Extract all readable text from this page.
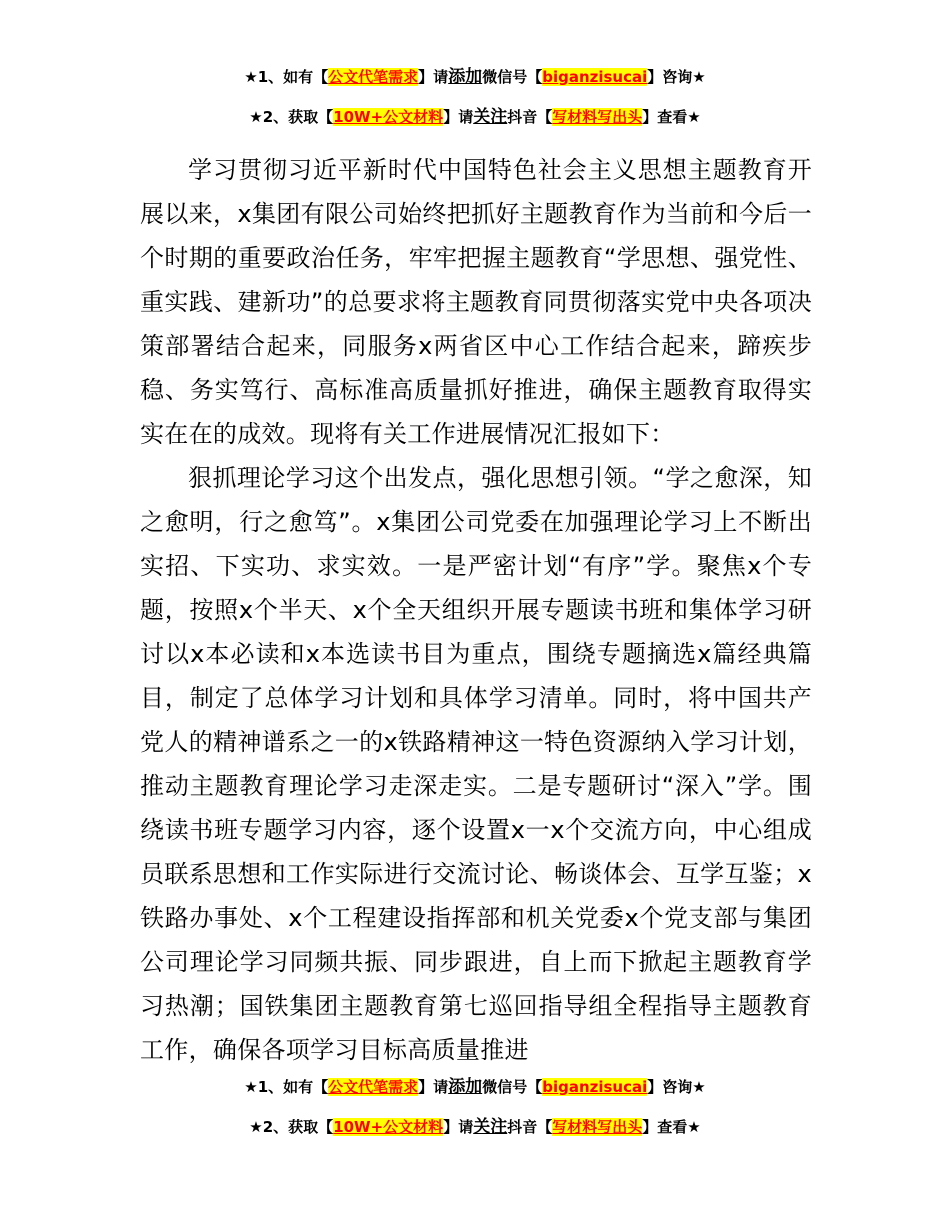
★1、如有【公文代笔需求】请添加微信号【biganzisucai】咨询★
★2、获取【10W+公文材料】请关注抖音【写材料写出头】查看★

学习贯彻习近平新时代中国特色社会主义思想主题教育开展以来，x集团有限公司始终把抓好主题教育作为当前和今后一个时期的重要政治任务，牢牢把握主题教育“学思想、强党性、重实践、建新功”的总要求将主题教育同贯彻落实党中央各项决策部署结合起来，同服务x两省区中心工作结合起来，蹄疾步稳、务实笃行、高标准高质量抓好推进，确保主题教育取得实实在在的成效。现将有关工作进展情况汇报如下：

狠抓理论学习这个出发点，强化思想引领。“学之愈深，知之愈明，行之愈笃”。x集团公司党委在加强理论学习上不断出实招、下实功、求实效。一是严密计划“有序”学。聚焦x个专题，按照x个半天、x个全天组织开展专题读书班和集体学习研讨以x本必读和x本选读书目为重点，围绕专题摘选x篇经典篇目，制定了总体学习计划和具体学习清单。同时，将中国共产党人的精神谱系之一的x铁路精神这一特色资源纳入学习计划，推动主题教育理论学习走深走实。二是专题研讨“深入”学。围绕读书班专题学习内容，逐个设置x一x个交流方向，中心组成员联系思想和工作实际进行交流讨论、畅谈体会、互学互鉴；x铁路办事处、x个工程建设指挥部和机关党委x个党支部与集团公司理论学习同频共振、同步跟进，自上而下掀起主题教育学习热潮；国铁集团主题教育第七巡回指导组全程指导主题教育工作，确保各项学习目标高质量推进

★1、如有【公文代笔需求】请添加微信号【biganzisucai】咨询★
★2、获取【10W+公文材料】请关注抖音【写材料写出头】查看★
